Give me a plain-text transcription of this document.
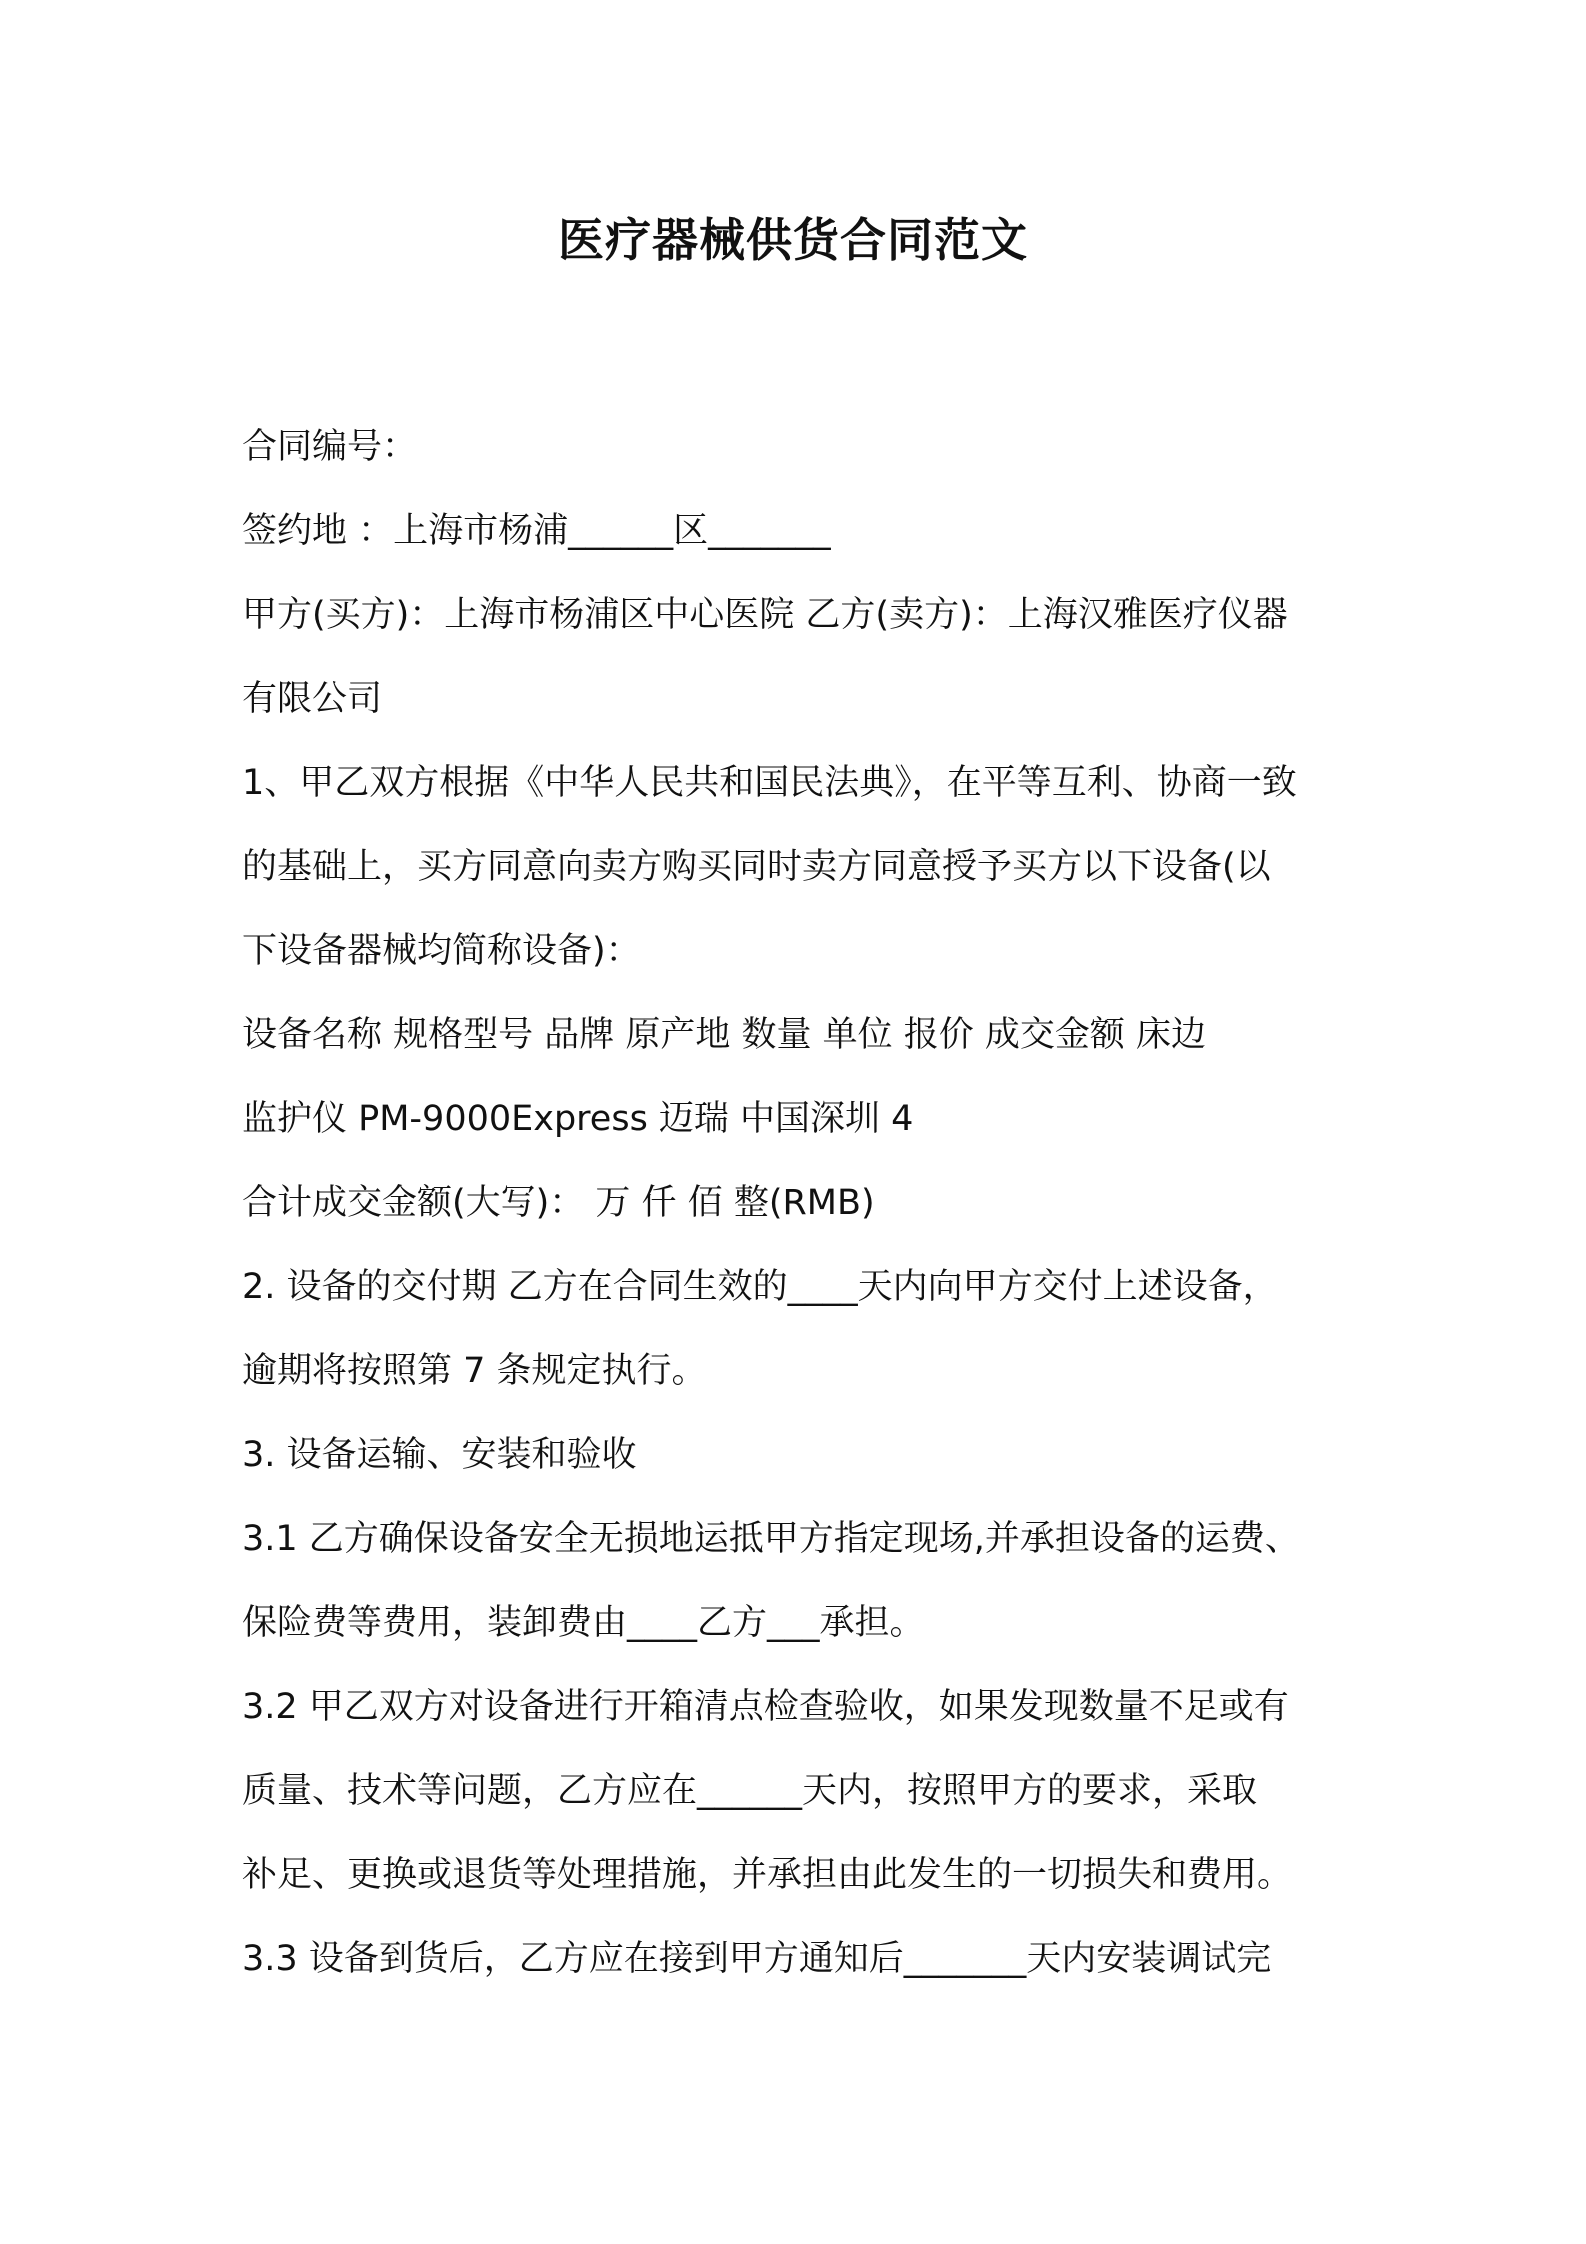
医疗器械供货合同范文
合同编号：
签约地 ：上海市杨浦______区_______
甲方(买方)：上海市杨浦区中心医院 乙方(卖方)：上海汉雅医疗仪器
有限公司
1、甲乙双方根据《中华人民共和国民法典》，在平等互利、协商一致
的基础上，买方同意向卖方购买同时卖方同意授予买方以下设备(以
下设备器械均简称设备)：
设备名称 规格型号 品牌 原产地 数量 单位 报价 成交金额 床边
监护仪 PM-9000Express 迈瑞 中国深圳 4
合计成交金额(大写)： 万 仟 佰 整(RMB)
2. 设备的交付期 乙方在合同生效的____天内向甲方交付上述设备，
逾期将按照第 7 条规定执行。
3. 设备运输、安装和验收
3.1 乙方确保设备安全无损地运抵甲方指定现场,并承担设备的运费、
保险费等费用，装卸费由____乙方___承担。
3.2 甲乙双方对设备进行开箱清点检查验收，如果发现数量不足或有
质量、技术等问题，乙方应在______天内，按照甲方的要求，采取
补足、更换或退货等处理措施，并承担由此发生的一切损失和费用。
3.3 设备到货后，乙方应在接到甲方通知后_______天内安装调试完
